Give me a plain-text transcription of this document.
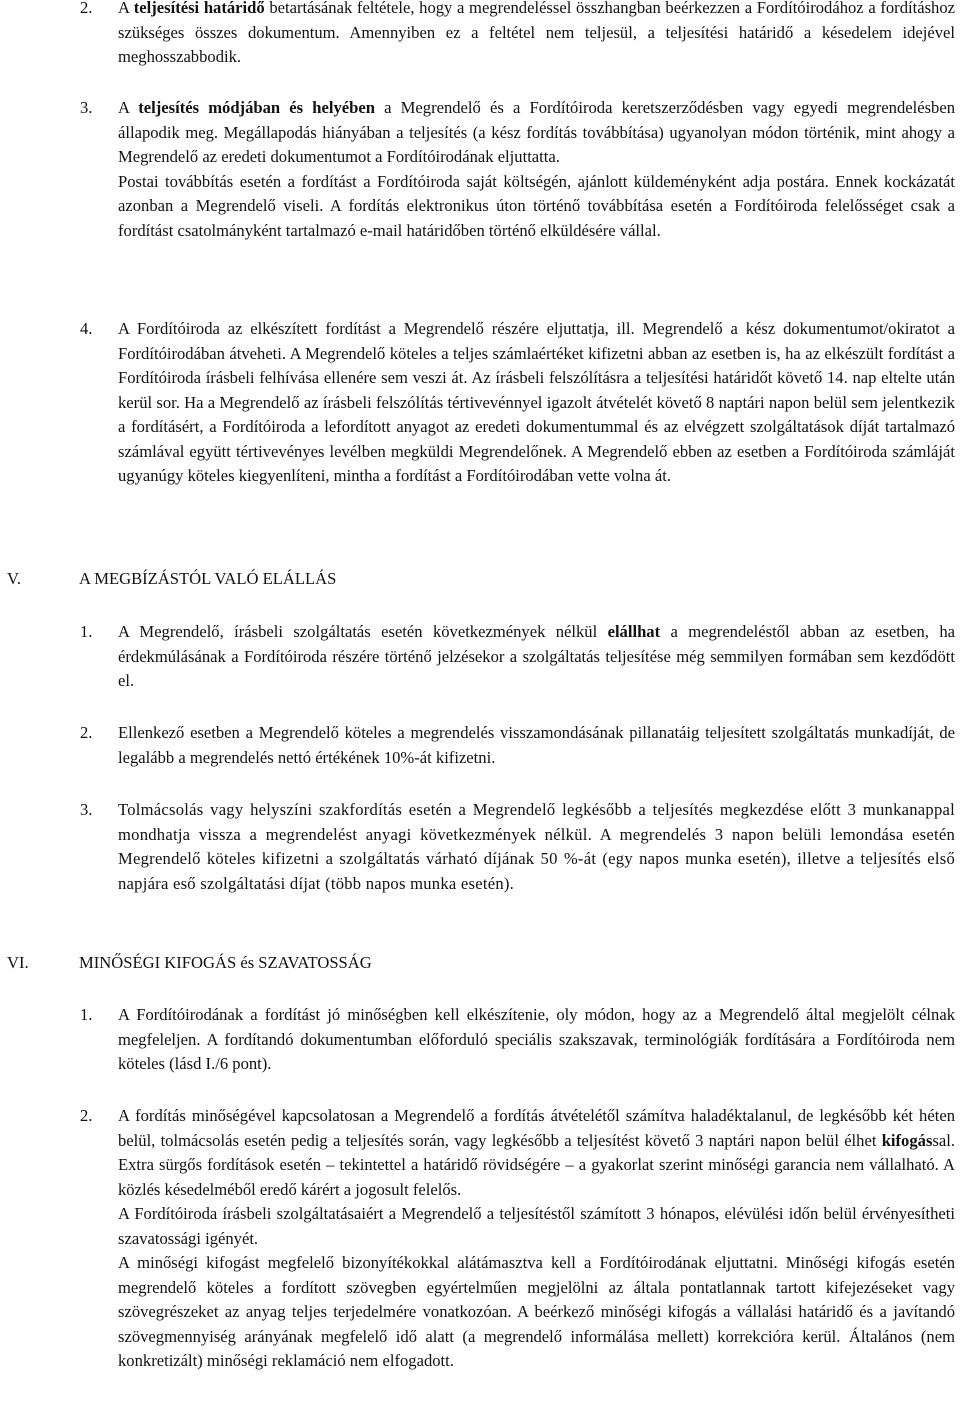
2. A teljesítési határidő betartásának feltétele, hogy a megrendeléssel összhangban beérkezzen a Fordítóirodához a fordításhoz szükséges összes dokumentum. Amennyiben ez a feltétel nem teljesül, a teljesítési határidő a késedelem idejével meghosszabbodik.

3. A teljesítés módjában és helyében a Megrendelő és a Fordítóiroda keretszerződésben vagy egyedi megrendelésben állapodik meg. Megállapodás hiányában a teljesítés (a kész fordítás továbbítása) ugyanolyan módon történik, mint ahogy a Megrendelő az eredeti dokumentumot a Fordítóirodának eljuttatta.

Postai továbbítás esetén a fordítást a Fordítóiroda saját költségén, ajánlott küldeményként adja postára. Ennek kockázatát azonban a Megrendelő viseli. A fordítás elektronikus úton történő továbbítása esetén a Fordítóiroda felelősséget csak a fordítást csatolmányként tartalmazó e-mail határidőben történő elküldésére vállal.

4. A Fordítóiroda az elkészített fordítást a Megrendelő részére eljuttatja, ill. Megrendelő a kész dokumentumot/okiratot a Fordítóirodában átveheti. A Megrendelő köteles a teljes számlaértéket kifizetni abban az esetben is, ha az elkészült fordítást a Fordítóiroda írásbeli felhívása ellenére sem veszi át. Az írásbeli felszólításra a teljesítési határidőt követő 14. nap eltelte után kerül sor. Ha a Megrendelő az írásbeli felszólítás tértivevénnyel igazolt átvételét követő 8 naptári napon belül sem jelentkezik a fordításért, a Fordítóiroda a lefordított anyagot az eredeti dokumentummal és az elvégzett szolgáltatások díját tartalmazó számlával együtt tértivevényes levélben megküldi Megrendelőnek. A Megrendelő ebben az esetben a Fordítóiroda számláját ugyanúgy köteles kiegyenlíteni, mintha a fordítást a Fordítóirodában vette volna át.

V.	A MEGBÍZÁSTÓL VALÓ ELÁLLÁS
1. A Megrendelő, írásbeli szolgáltatás esetén következmények nélkül elállhat a megrendeléstől abban az esetben, ha érdekmúlásának a Fordítóiroda részére történő jelzésekor a szolgáltatás teljesítése még semmilyen formában sem kezdődött el.

2. Ellenkező esetben a Megrendelő köteles a megrendelés visszamondásának pillanatáig teljesített szolgáltatás munkadíját, de legalább a megrendelés nettó értékének 10%-át kifizetni.

3. Tolmácsolás vagy helyszíni szakfordítás esetén a Megrendelő legkésőbb a teljesítés megkezdése előtt 3 munkanappal mondhatja vissza a megrendelést anyagi következmények nélkül. A megrendelés 3 napon belüli lemondása esetén Megrendelő köteles kifizetni a szolgáltatás várható díjának 50 %-át (egy napos munka esetén), illetve a teljesítés első napjára eső szolgáltatási díjat (több napos munka esetén).

VI.	MINŐSÉGI KIFOGÁS és SZAVATOSSÁG
1. A Fordítóirodának a fordítást jó minőségben kell elkészítenie, oly módon, hogy az a Megrendelő által megjelölt célnak megfeleljen. A fordítandó dokumentumban előforduló speciális szakszavak, terminológiák fordítására a Fordítóiroda nem köteles (lásd I./6 pont).

2. A fordítás minőségével kapcsolatosan a Megrendelő a fordítás átvételétől számítva haladéktalanul, de legkésőbb két héten belül, tolmácsolás esetén pedig a teljesítés során, vagy legkésőbb a teljesítést követő 3 naptári napon belül élhet kifogással. Extra sürgős fordítások esetén – tekintettel a határidő rövidségére – a gyakorlat szerint minőségi garancia nem vállalható. A közlés késedelméből eredő kárért a jogosult felelős.

A Fordítóiroda írásbeli szolgáltatásaiért a Megrendelő a teljesítéstől számított 3 hónapos, elévülési időn belül érvényesítheti szavatossági igényét.

A minőségi kifogást megfelelő bizonyítékokkal alátámasztva kell a Fordítóirodának eljuttatni. Minőségi kifogás esetén megrendelő köteles a fordított szövegben egyértelműen megjelölni az általa pontatlannak tartott kifejezéseket vagy szövegrészeket az anyag teljes terjedelmére vonatkozóan. A beérkező minőségi kifogás a vállalási határidő és a javítandó szövegmennyiség arányának megfelelő idő alatt (a megrendelő informálása mellett) korrekcióra kerül. Általános (nem konkretizált) minőségi reklamáció nem elfogadott.
